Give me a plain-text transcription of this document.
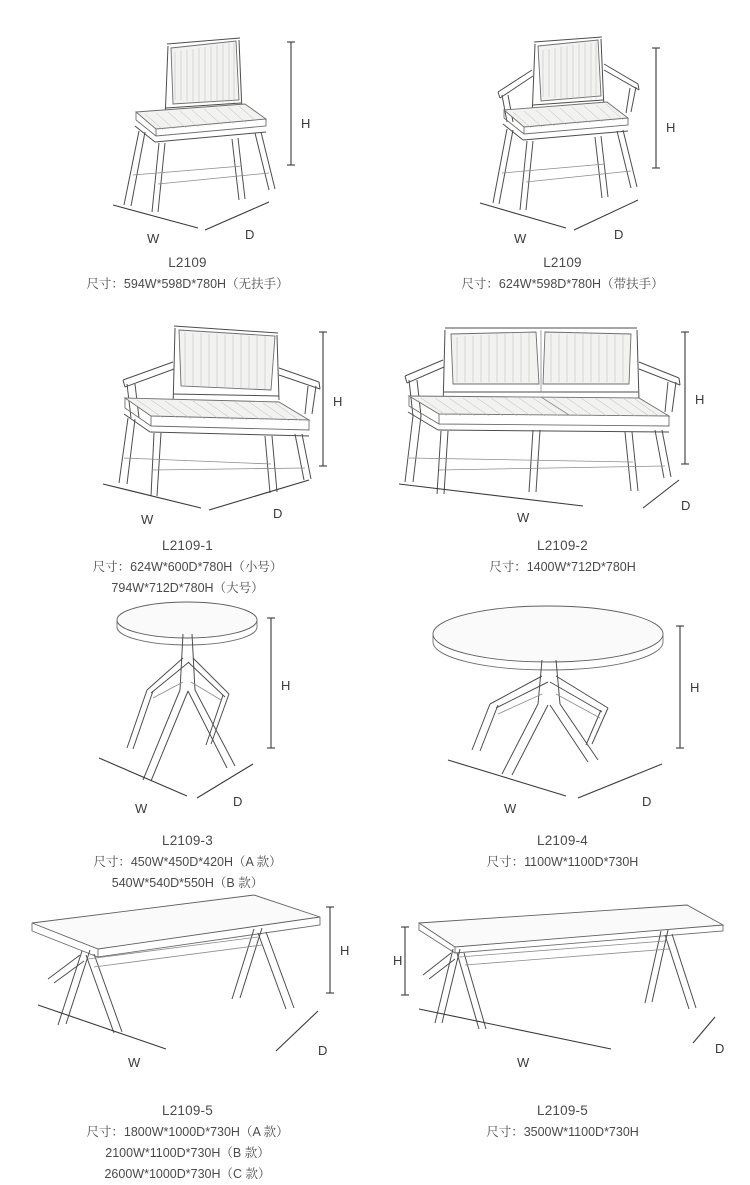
H
W	D
L2109
尺寸：594W*598D*780H（无扶手）
H
W	D
L2109
尺寸：624W*598D*780H（带扶手）
H
W	D
L2109-1
尺寸：624W*600D*780H（小号）
794W*712D*780H（大号）
H
W
D
L2109-2
尺寸：1400W*712D*780H
H
W	D
L2109-3
尺寸：450W*450D*420H（A 款）
540W*540D*550H（B 款）
H
W	D
L2109-4
尺寸：1100W*1100D*730H
H
W
D
L2109-5
尺寸：1800W*1000D*730H（A 款）
2100W*1100D*730H（B 款）
2600W*1000D*730H（C 款）
H
W
D
L2109-5
尺寸：3500W*1100D*730H
